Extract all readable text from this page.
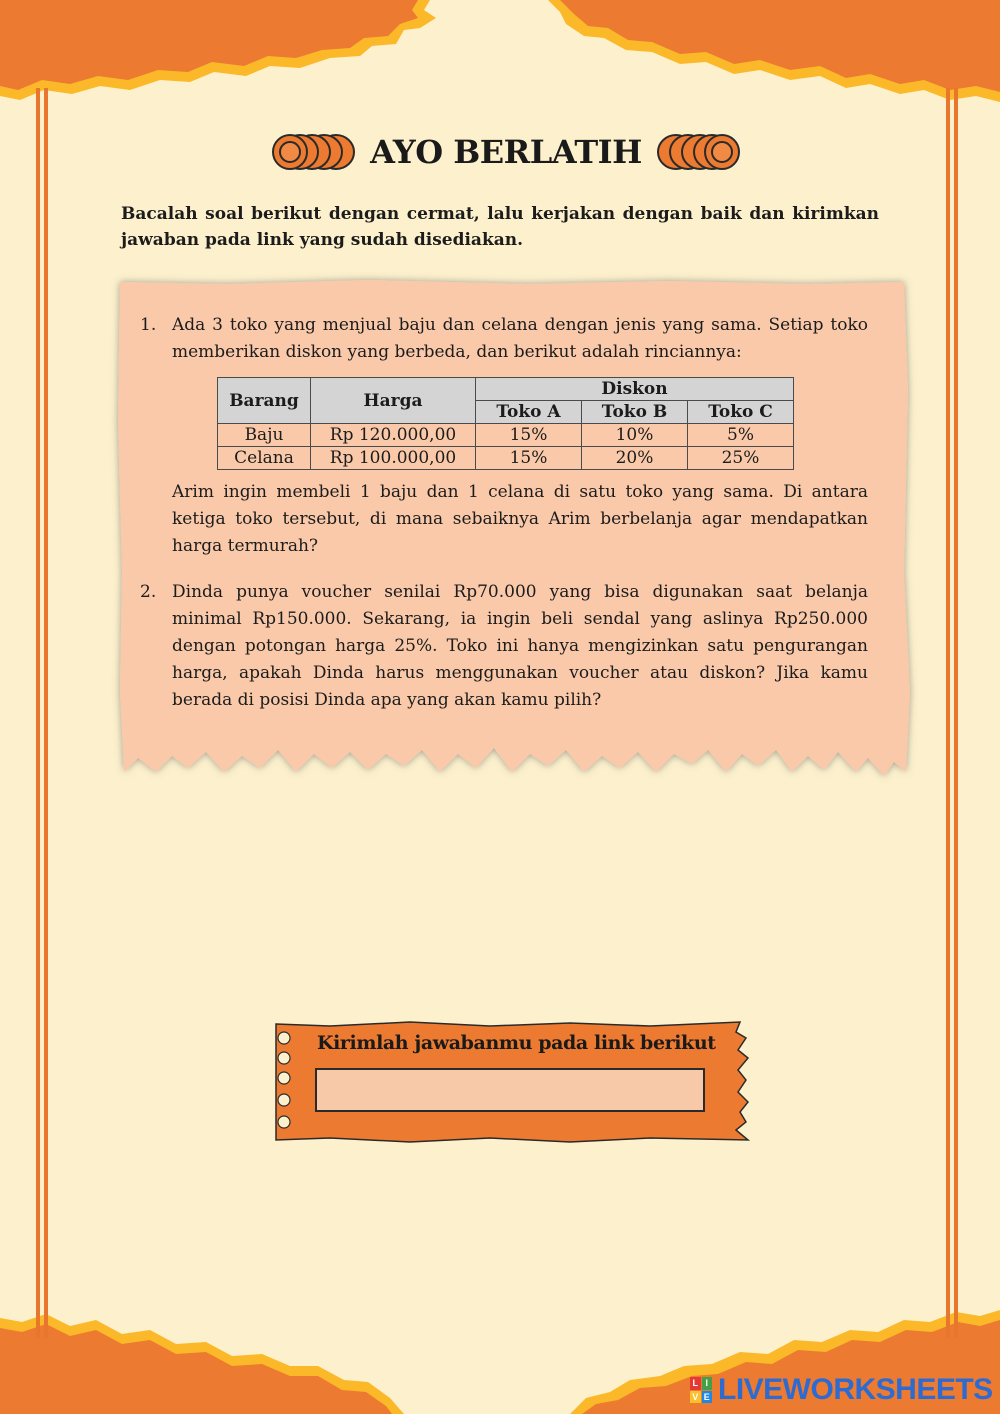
AYO BERLATIH
Bacalah soal berikut dengan cermat, lalu kerjakan dengan baik dan kirimkan jawaban pada link yang sudah disediakan.
1. Ada 3 toko yang menjual baju dan celana dengan jenis yang sama. Setiap toko memberikan diskon yang berbeda, dan berikut adalah rinciannya:

Barang	Harga	Diskon		
		Toko A	Toko B	Toko C
Baju	Rp 120.000,00	15%	10%	5%
Celana	Rp 100.000,00	15%	20%	25%

Arim ingin membeli 1 baju dan 1 celana di satu toko yang sama. Di antara ketiga toko tersebut, di mana sebaiknya Arim berbelanja agar mendapatkan harga termurah?

2. Dinda punya voucher senilai Rp70.000 yang bisa digunakan saat belanja minimal Rp150.000. Sekarang, ia ingin beli sendal yang aslinya Rp250.000 dengan potongan harga 25%. Toko ini hanya mengizinkan satu pengurangan harga, apakah Dinda harus menggunakan voucher atau diskon? Jika kamu berada di posisi Dinda apa yang akan kamu pilih?

Kirimlah jawabanmu pada link berikut
L I
V E LIVEWORKSHEETS
